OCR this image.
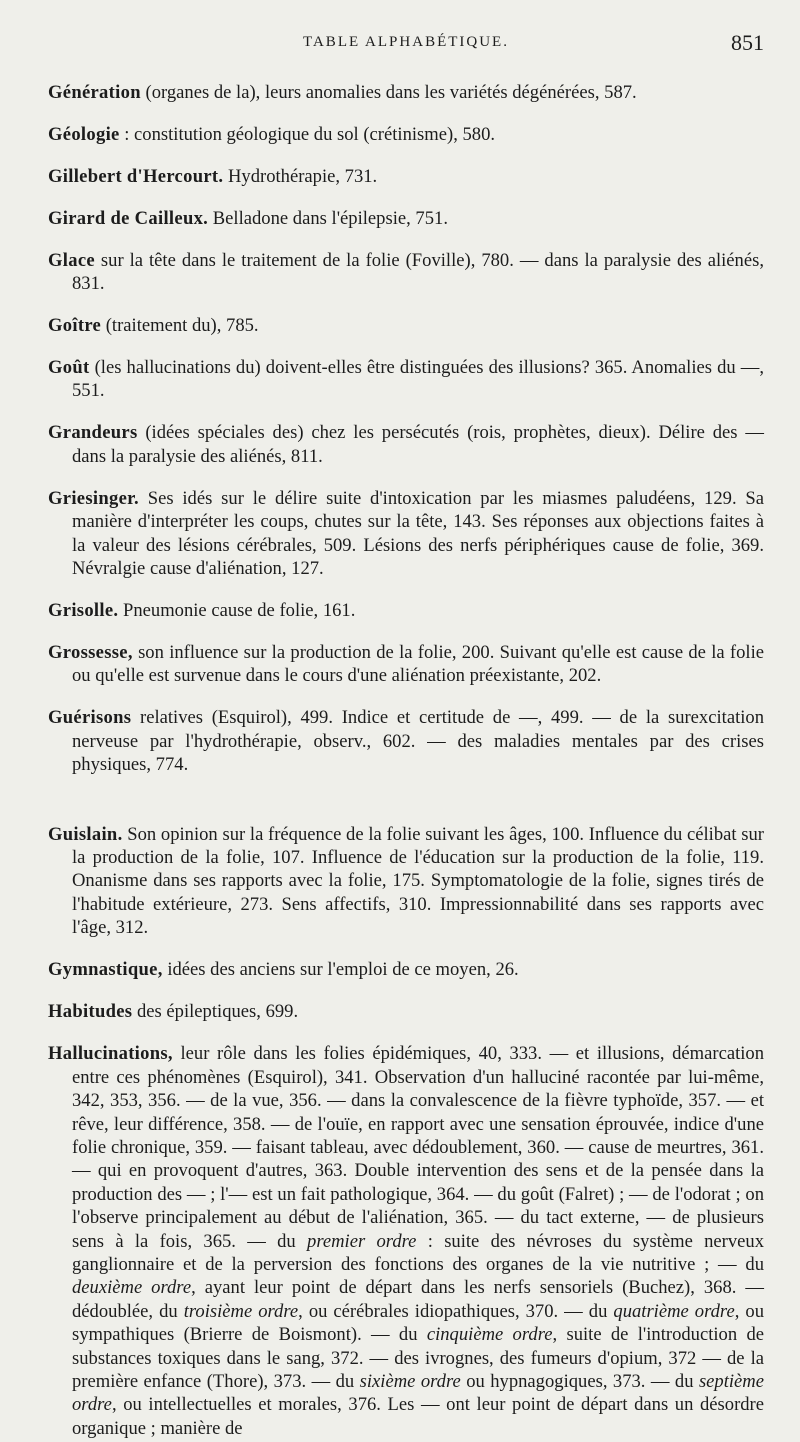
TABLE ALPHABÉTIQUE.	851

Génération (organes de la), leurs anomalies dans les variétés dégénérées, 587.

Géologie : constitution géologique du sol (crétinisme), 580.

Gillebert d'Hercourt. Hydrothérapie, 731.

Girard de Cailleux. Belladone dans l'épilepsie, 751.

Glace sur la tête dans le traitement de la folie (Foville), 780. — dans la paralysie des aliénés, 831.

Goître (traitement du), 785.

Goût (les hallucinations du) doivent-elles être distinguées des illusions? 365. Anomalies du —, 551.

Grandeurs (idées spéciales des) chez les persécutés (rois, prophètes, dieux). Délire des — dans la paralysie des aliénés, 811.

Griesinger. Ses idés sur le délire suite d'intoxication par les miasmes paludéens, 129. Sa manière d'interpréter les coups, chutes sur la tête, 143. Ses réponses aux objections faites à la valeur des lésions cérébrales, 509. Lésions des nerfs périphériques cause de folie, 369. Névralgie cause d'aliénation, 127.

Grisolle. Pneumonie cause de folie, 161.

Grossesse, son influence sur la production de la folie, 200. Suivant qu'elle est cause de la folie ou qu'elle est survenue dans le cours d'une aliénation préexistante, 202.

Guérisons relatives (Esquirol), 499. Indice et certitude de —, 499. — de la surexcitation nerveuse par l'hydrothérapie, observ., 602. — des maladies mentales par des crises physiques, 774.

Guislain. Son opinion sur la fréquence de la folie suivant les âges, 100. Influence du célibat sur la production de la folie, 107. Influence de l'éducation sur la production de la folie, 119. Onanisme dans ses rapports avec la folie, 175. Symptomatologie de la folie, signes tirés de l'habitude extérieure, 273. Sens affectifs, 310. Impressionnabilité dans ses rapports avec l'âge, 312.

Gymnastique, idées des anciens sur l'emploi de ce moyen, 26.

Habitudes des épileptiques, 699.

Hallucinations, leur rôle dans les folies épidémiques, 40, 333. — et illusions, démarcation entre ces phénomènes (Esquirol), 341. Observation d'un halluciné racontée par lui-même, 342, 353, 356. — de la vue, 356. — dans la convalescence de la fièvre typhoïde, 357. — et rêve, leur différence, 358. — de l'ouïe, en rapport avec une sensation éprouvée, indice d'une folie chronique, 359. — faisant tableau, avec dédoublement, 360. — cause de meurtres, 361. — qui en provoquent d'autres, 363. Double intervention des sens et de la pensée dans la production des — ; l'— est un fait pathologique, 364. — du goût (Falret) ; — de l'odorat ; on l'observe principalement au début de l'aliénation, 365. — du tact externe, — de plusieurs sens à la fois, 365. — du premier ordre : suite des névroses du système nerveux ganglionnaire et de la perversion des fonctions des organes de la vie nutritive ; — du deuxième ordre, ayant leur point de départ dans les nerfs sensoriels (Buchez), 368. — dédoublée, du troisième ordre, ou cérébrales idiopathiques, 370. — du quatrième ordre, ou sympathiques (Brierre de Boismont). — du cinquième ordre, suite de l'introduction de substances toxiques dans le sang, 372. — des ivrognes, des fumeurs d'opium, 372 — de la première enfance (Thore), 373. — du sixième ordre ou hypnagogiques, 373. — du septième ordre, ou intellectuelles et morales, 376. Les — ont leur point de départ dans un désordre organique ; manière de
